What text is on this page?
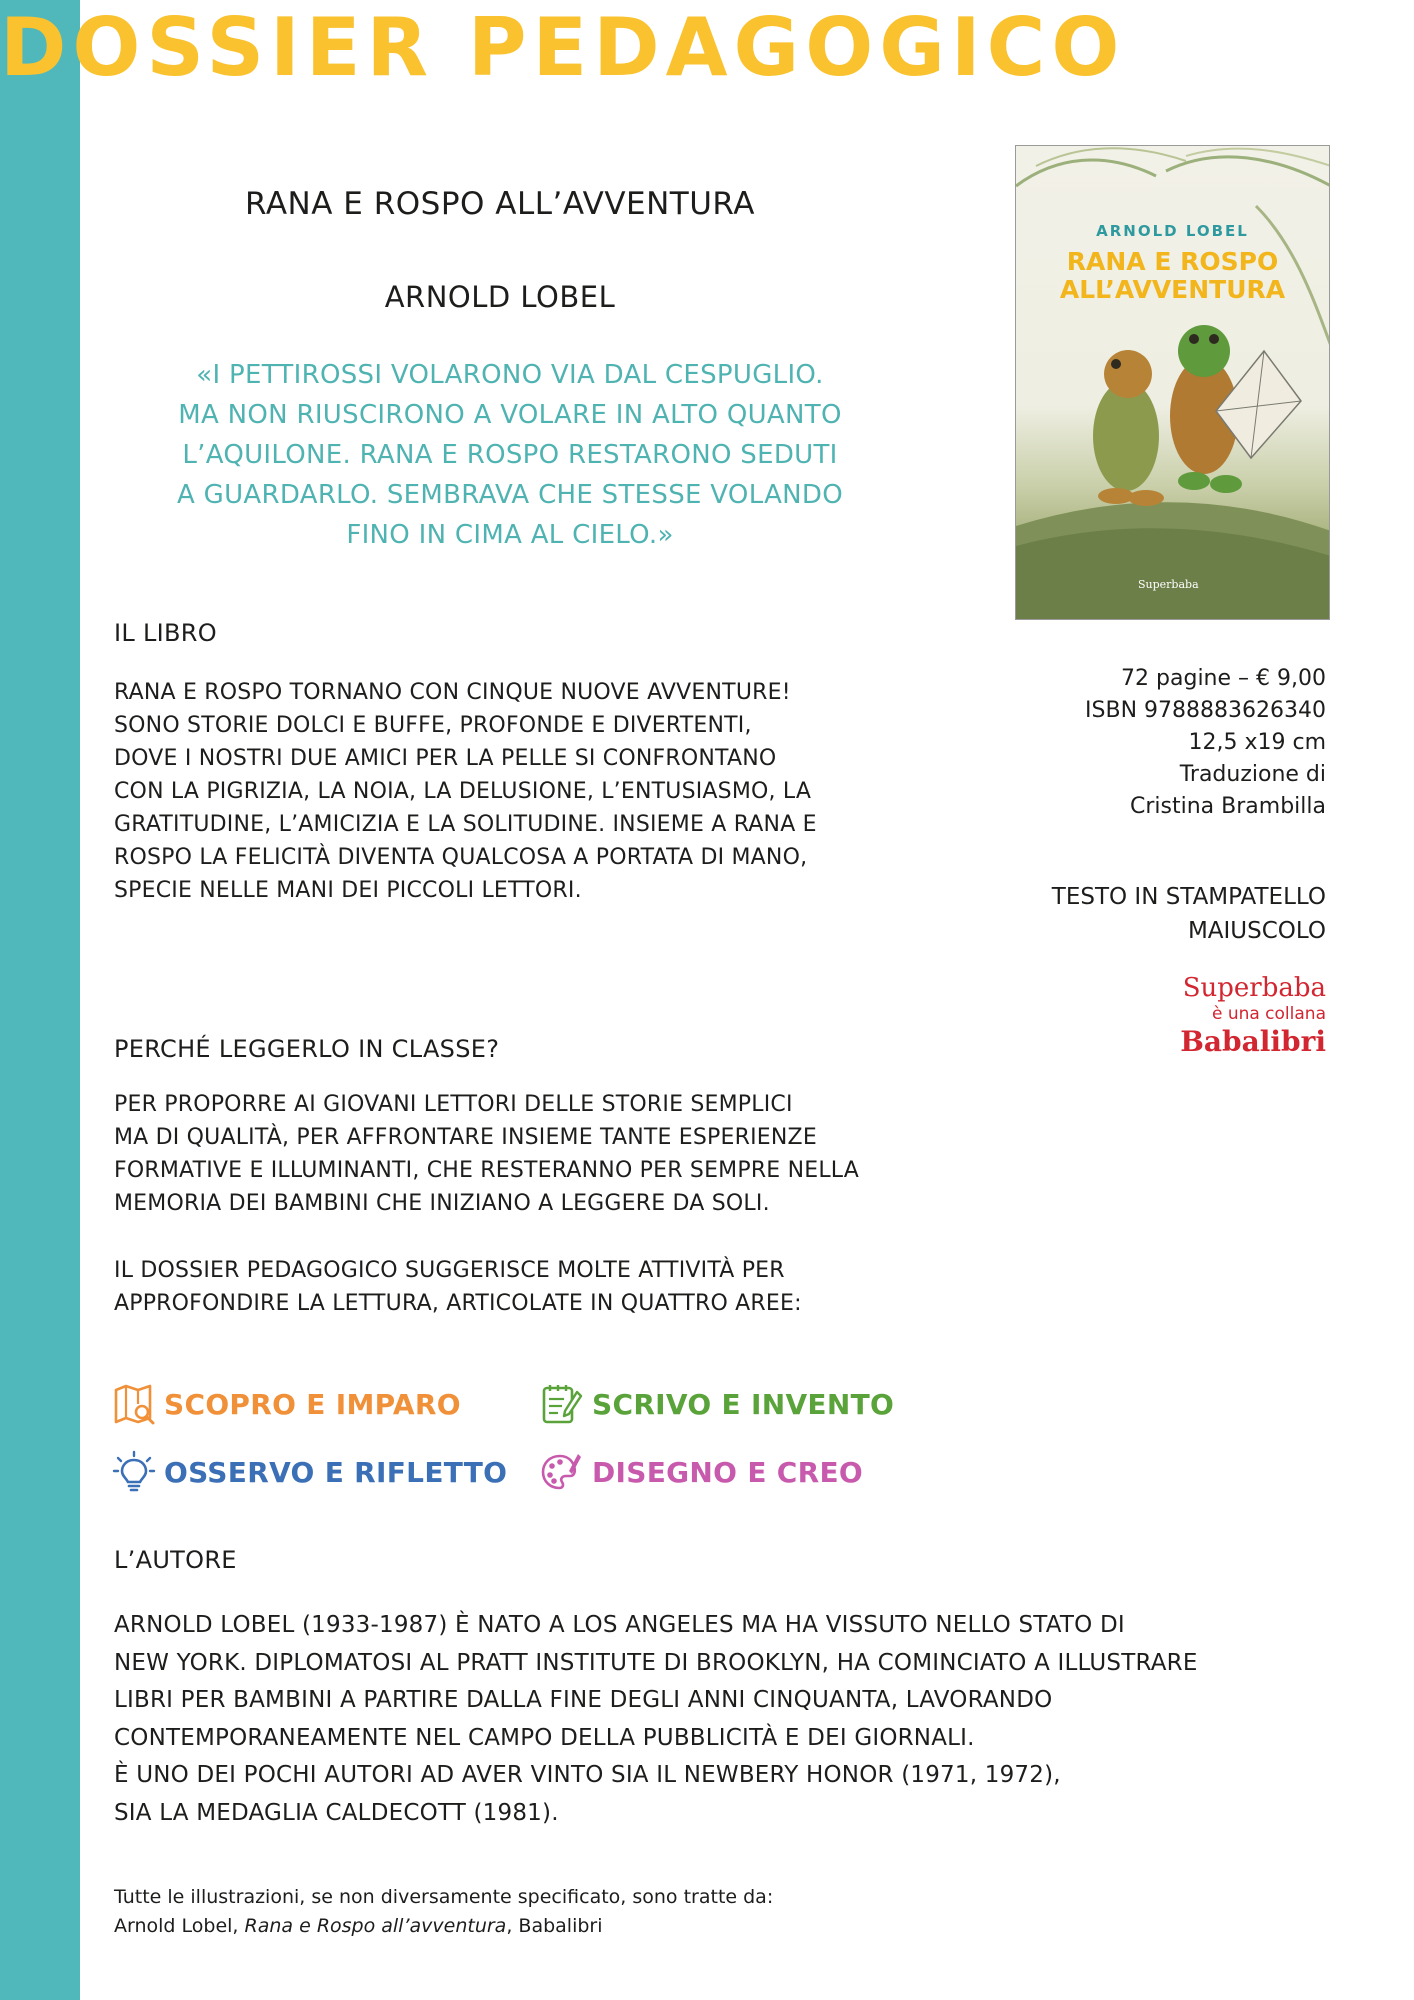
DOSSIER PEDAGOGICO
RANA E ROSPO ALL’AVVENTURA
ARNOLD LOBEL
«I PETTIROSSI VOLARONO VIA DAL CESPUGLIO.
MA NON RIUSCIRONO A VOLARE IN ALTO QUANTO
L’AQUILONE. RANA E ROSPO RESTARONO SEDUTI
A GUARDARLO. SEMBRAVA CHE STESSE VOLANDO
FINO IN CIMA AL CIELO.»
ARNOLD LOBEL
RANA E ROSPO
ALL’AVVENTURA
Superbaba
72 pagine – € 9,00
ISBN 9788883626340
12,5 x19 cm
Traduzione di
Cristina Brambilla
TESTO IN STAMPATELLO
MAIUSCOLO
Superbaba
è una collana
Babalibri
IL LIBRO
RANA E ROSPO TORNANO CON CINQUE NUOVE AVVENTURE!
SONO STORIE DOLCI E BUFFE, PROFONDE E DIVERTENTI,
DOVE I NOSTRI DUE AMICI PER LA PELLE SI CONFRONTANO
CON LA PIGRIZIA, LA NOIA, LA DELUSIONE, L’ENTUSIASMO, LA
GRATITUDINE, L’AMICIZIA E LA SOLITUDINE. INSIEME A RANA E
ROSPO LA FELICITÀ DIVENTA QUALCOSA A PORTATA DI MANO,
SPECIE NELLE MANI DEI PICCOLI LETTORI.
PERCHÉ LEGGERLO IN CLASSE?
PER PROPORRE AI GIOVANI LETTORI DELLE STORIE SEMPLICI
MA DI QUALITÀ, PER AFFRONTARE INSIEME TANTE ESPERIENZE
FORMATIVE E ILLUMINANTI, CHE RESTERANNO PER SEMPRE NELLA
MEMORIA DEI BAMBINI CHE INIZIANO A LEGGERE DA SOLI.
IL DOSSIER PEDAGOGICO SUGGERISCE MOLTE ATTIVITÀ PER
APPROFONDIRE LA LETTURA, ARTICOLATE IN QUATTRO AREE:
SCOPRO E IMPARO	SCRIVO E INVENTO
OSSERVO E RIFLETTO	DISEGNO E CREO
L’AUTORE
ARNOLD LOBEL (1933-1987) È NATO A LOS ANGELES MA HA VISSUTO NELLO STATO DI
NEW YORK. DIPLOMATOSI AL PRATT INSTITUTE DI BROOKLYN, HA COMINCIATO A ILLUSTRARE
LIBRI PER BAMBINI A PARTIRE DALLA FINE DEGLI ANNI CINQUANTA, LAVORANDO
CONTEMPORANEAMENTE NEL CAMPO DELLA PUBBLICITÀ E DEI GIORNALI.
È UNO DEI POCHI AUTORI AD AVER VINTO SIA IL NEWBERY HONOR (1971, 1972),
SIA LA MEDAGLIA CALDECOTT (1981).
Tutte le illustrazioni, se non diversamente specificato, sono tratte da:
Arnold Lobel, Rana e Rospo all’avventura, Babalibri
